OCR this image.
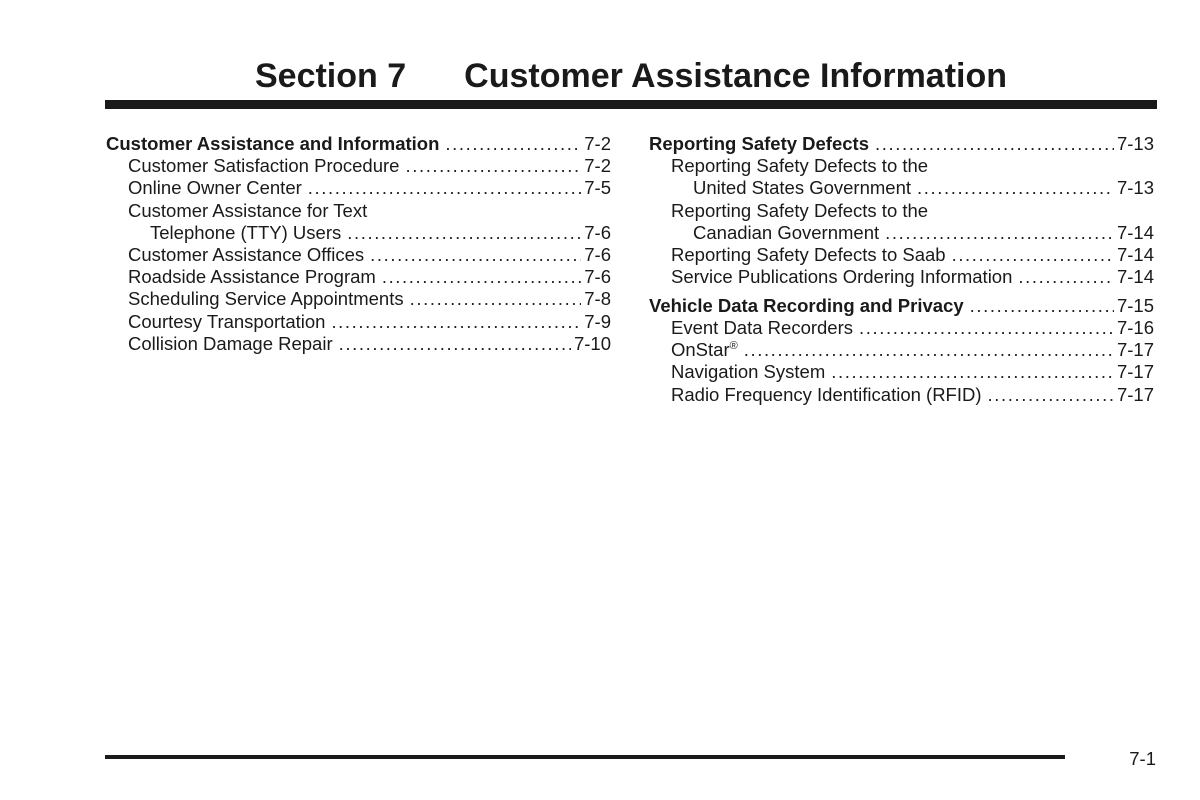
Section 7 Customer Assistance Information
Customer Assistance and Information .....	7-2
Customer Satisfaction Procedure .....	7-2
Online Owner Center .....	7-5
Customer Assistance for Text
Telephone (TTY) Users .....	7-6
Customer Assistance Offices .....	7-6
Roadside Assistance Program .....	7-6
Scheduling Service Appointments .....	7-8
Courtesy Transportation .....	7-9
Collision Damage Repair .....	7-10
Reporting Safety Defects .....	7-13
Reporting Safety Defects to the
United States Government .....	7-13
Reporting Safety Defects to the
Canadian Government .....	7-14
Reporting Safety Defects to Saab .....	7-14
Service Publications Ordering Information .....	7-14
Vehicle Data Recording and Privacy .....	7-15
Event Data Recorders .....	7-16
OnStar® .....	7-17
Navigation System .....	7-17
Radio Frequency Identification (RFID) .....	7-17
7-1
